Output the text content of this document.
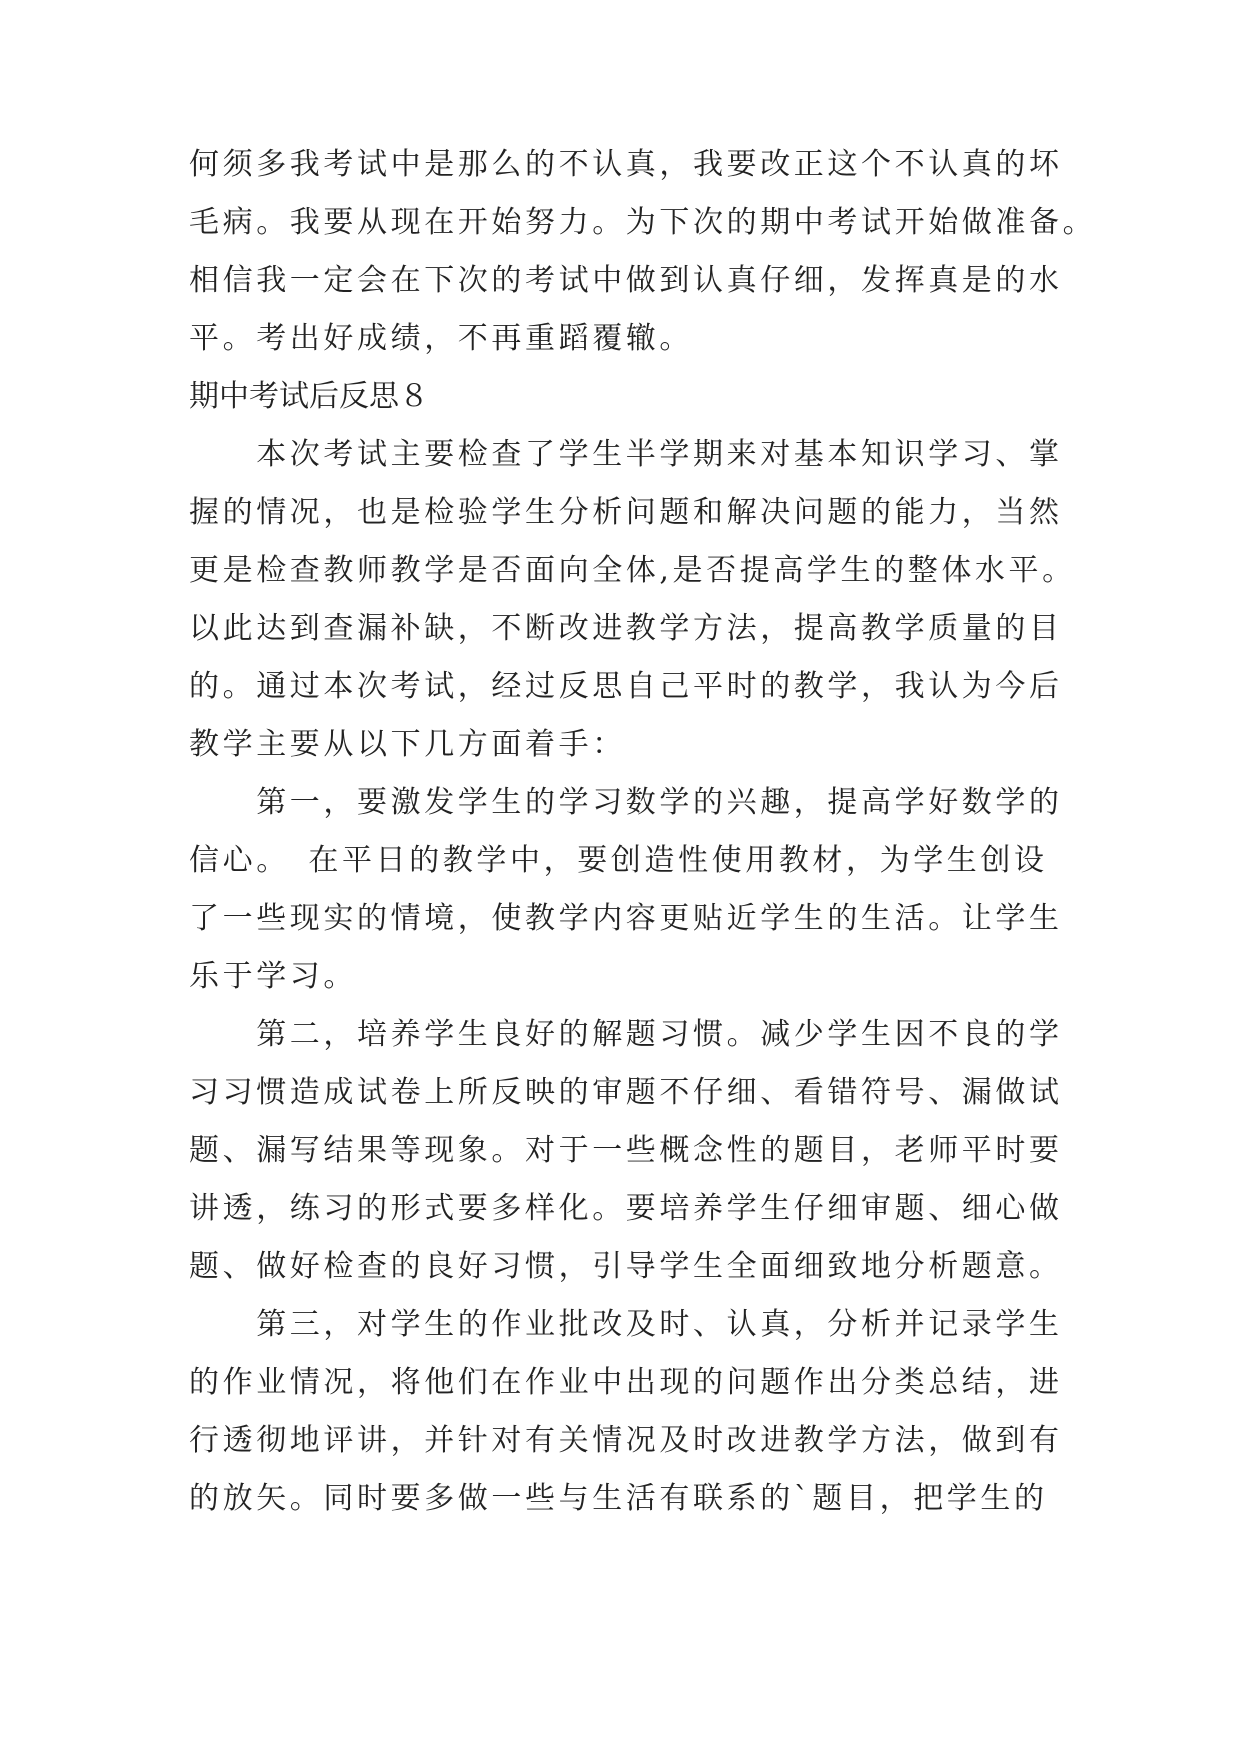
何须多我考试中是那么的不认真，我要改正这个不认真的坏
毛病。我要从现在开始努力。为下次的期中考试开始做准备。
相信我一定会在下次的考试中做到认真仔细，发挥真是的水
平。考出好成绩，不再重蹈覆辙。
期中考试后反思８
　　本次考试主要检查了学生半学期来对基本知识学习、掌
握的情况，也是检验学生分析问题和解决问题的能力，当然
更是检查教师教学是否面向全体,是否提高学生的整体水平。
以此达到查漏补缺，不断改进教学方法，提高教学质量的目
的。通过本次考试，经过反思自己平时的教学，我认为今后
教学主要从以下几方面着手：
　　第一，要激发学生的学习数学的兴趣，提高学好数学的
信心。　在平日的教学中，要创造性使用教材，为学生创设
了一些现实的情境，使教学内容更贴近学生的生活。让学生
乐于学习。
　　第二，培养学生良好的解题习惯。减少学生因不良的学
习习惯造成试卷上所反映的审题不仔细、看错符号、漏做试
题、漏写结果等现象。对于一些概念性的题目，老师平时要
讲透，练习的形式要多样化。要培养学生仔细审题、细心做
题、做好检查的良好习惯，引导学生全面细致地分析题意。
　　第三，对学生的作业批改及时、认真，分析并记录学生
的作业情况，将他们在作业中出现的问题作出分类总结，进
行透彻地评讲，并针对有关情况及时改进教学方法，做到有
的放矢。同时要多做一些与生活有联系的`题目，把学生的
